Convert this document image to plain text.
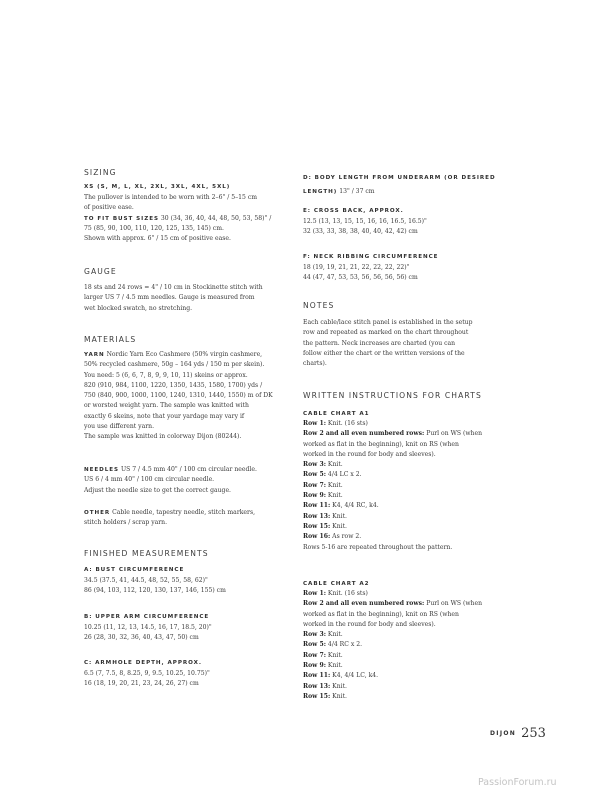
SIZING
XS (S, M, L, XL, 2XL, 3XL, 4XL, 5XL)
The pullover is intended to be worn with 2–6" / 5–15 cm
of positive ease.
TO FIT BUST SIZES 30 (34, 36, 40, 44, 48, 50, 53, 58)" /
75 (85, 90, 100, 110, 120, 125, 135, 145) cm.
Shown with approx. 6" / 15 cm of positive ease.
GAUGE
18 sts and 24 rows = 4" / 10 cm in Stockinette stitch with
larger US 7 / 4.5 mm needles. Gauge is measured from
wet blocked swatch, no stretching.
MATERIALS
YARN Nordic Yarn Eco Cashmere (50% virgin cashmere,
50% recycled cashmere, 50g – 164 yds / 150 m per skein).
You need: 5 (6, 6, 7, 8, 9, 9, 10, 11) skeins or approx.
820 (910, 984, 1100, 1220, 1350, 1435, 1580, 1700) yds /
750 (840, 900, 1000, 1100, 1240, 1310, 1440, 1550) m of DK
or worsted weight yarn. The sample was knitted with
exactly 6 skeins, note that your yardage may vary if
you use different yarn.
The sample was knitted in colorway Dijon (80244).
NEEDLES US 7 / 4.5 mm 40" / 100 cm circular needle.
US 6 / 4 mm 40" / 100 cm circular needle.
Adjust the needle size to get the correct gauge.
OTHER Cable needle, tapestry needle, stitch markers,
stitch holders / scrap yarn.
FINISHED MEASUREMENTS
A: BUST CIRCUMFERENCE
34.5 (37.5, 41, 44.5, 48, 52, 55, 58, 62)"
86 (94, 103, 112, 120, 130, 137, 146, 155) cm
B: UPPER ARM CIRCUMFERENCE
10.25 (11, 12, 13, 14.5, 16, 17, 18.5, 20)"
26 (28, 30, 32, 36, 40, 43, 47, 50) cm
C: ARMHOLE DEPTH, APPROX.
6.5 (7, 7.5, 8, 8.25, 9, 9.5, 10.25, 10.75)"
16 (18, 19, 20, 21, 23, 24, 26, 27) cm
D: BODY LENGTH FROM UNDERARM (OR DESIRED
LENGTH) 13" / 37 cm
E: CROSS BACK, APPROX.
12.5 (13, 13, 15, 15, 16, 16, 16.5, 16.5)"
32 (33, 33, 38, 38, 40, 40, 42, 42) cm
F: NECK RIBBING CIRCUMFERENCE
18 (19, 19, 21, 21, 22, 22, 22, 22)"
44 (47, 47, 53, 53, 56, 56, 56, 56) cm
NOTES
Each cable/lace stitch panel is established in the setup
row and repeated as marked on the chart throughout
the pattern. Neck increases are charted (you can
follow either the chart or the written versions of the
charts).
WRITTEN INSTRUCTIONS FOR CHARTS
CABLE CHART A1
Row 1: Knit. (16 sts)
Row 2 and all even numbered rows: Purl on WS (when
worked as flat in the beginning), knit on RS (when
worked in the round for body and sleeves).
Row 3: Knit.
Row 5: 4/4 LC x 2.
Row 7: Knit.
Row 9: Knit.
Row 11: K4, 4/4 RC, k4.
Row 13: Knit.
Row 15: Knit.
Row 16: As row 2.
Rows 5-16 are repeated throughout the pattern.
CABLE CHART A2
Row 1: Knit. (16 sts)
Row 2 and all even numbered rows: Purl on WS (when
worked as flat in the beginning), knit on RS (when
worked in the round for body and sleeves).
Row 3: Knit.
Row 5: 4/4 RC x 2.
Row 7: Knit.
Row 9: Knit.
Row 11: K4, 4/4 LC, k4.
Row 13: Knit.
Row 15: Knit.
DIJON 253
PassionForum.ru
